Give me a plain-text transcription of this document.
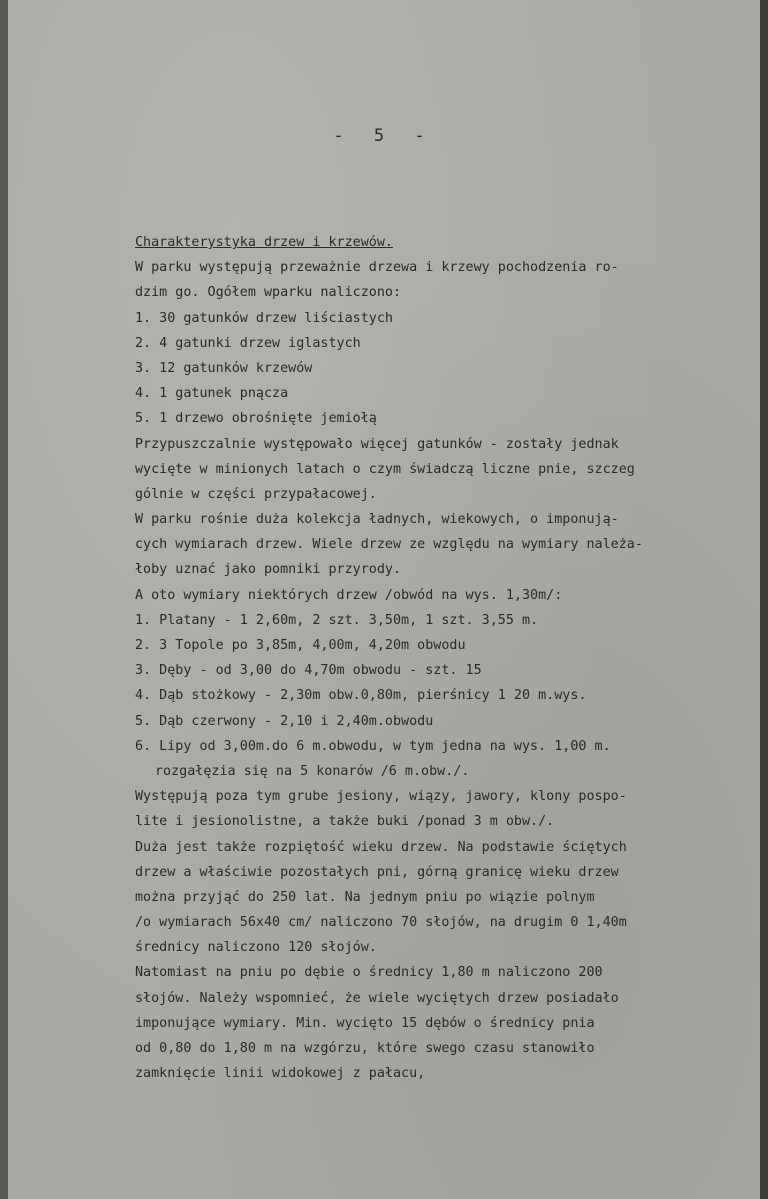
- 5 -
Charakterystyka drzew i krzewów.
W parku występują przeważnie drzewa i krzewy pochodzenia ro-
dzim go. Ogółem wparku naliczono:
1. 30 gatunków drzew liściastych
2. 4 gatunki drzew iglastych
3. 12 gatunków krzewów
4. 1 gatunek pnącza
5. 1 drzewo obrośnięte jemiołą
Przypuszczalnie występowało więcej gatunków - zostały jednak
wycięte w minionych latach o czym świadczą liczne pnie, szczeg
gólnie w części przypałacowej.
W parku rośnie duża kolekcja ładnych, wiekowych, o imponują-
cych wymiarach drzew. Wiele drzew ze względu na wymiary należa-
łoby uznać jako pomniki przyrody.
A oto wymiary niektórych drzew /obwód na wys. 1,30m/:
1. Platany - 1 2,60m, 2 szt. 3,50m, 1 szt. 3,55 m.
2. 3 Topole po 3,85m, 4,00m, 4,20m obwodu
3. Dęby - od 3,00 do 4,70m obwodu - szt. 15
4. Dąb stożkowy - 2,30m obw.0,80m, pierśnicy 1 20 m.wys.
5. Dąb czerwony - 2,10 i 2,40m.obwodu
6. Lipy od 3,00m.do 6 m.obwodu, w tym jedna na wys. 1,00 m.
rozgałęzia się na 5 konarów /6 m.obw./.
Występują poza tym grube jesiony, wiązy, jawory, klony pospo-
lite i jesionolistne, a także buki /ponad 3 m obw./.
Duża jest także rozpiętość wieku drzew. Na podstawie ściętych
drzew a właściwie pozostałych pni, górną granicę wieku drzew
można przyjąć do 250 lat. Na jednym pniu po wiązie polnym
/o wymiarach 56x40 cm/ naliczono 70 słojów, na drugim 0 1,40m
średnicy naliczono 120 słojów.
Natomiast na pniu po dębie o średnicy 1,80 m naliczono 200
słojów. Należy wspomnieć, że wiele wyciętych drzew posiadało
imponujące wymiary. Min. wycięto 15 dębów o średnicy pnia
od 0,80 do 1,80 m na wzgórzu, które swego czasu stanowiło
zamknięcie linii widokowej z pałacu,
